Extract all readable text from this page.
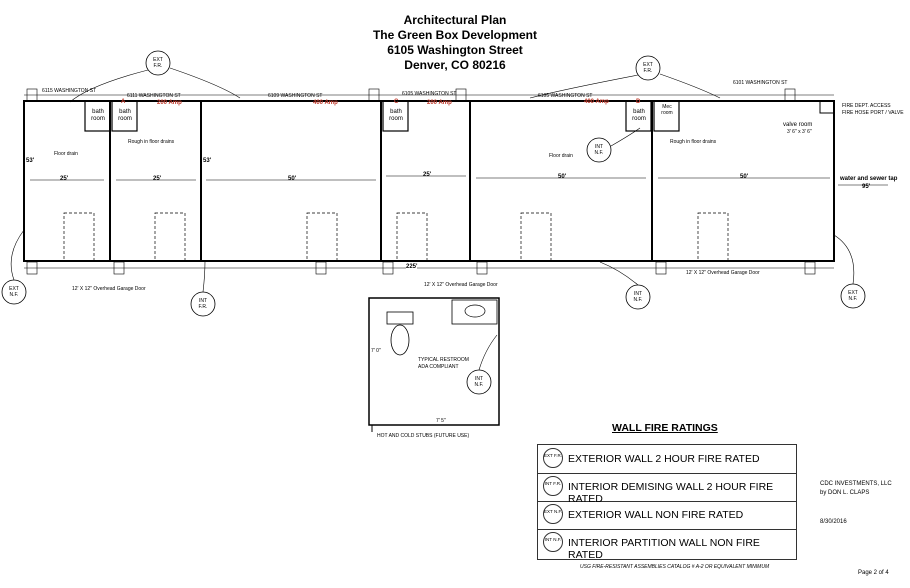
Architectural Plan
The Green Box Development
6105 Washington Street
Denver, CO 80216
6115 WASHINGTON ST
6111 WASHINGTON ST	6109 WASHINGTON ST	6105 WASHINGTON ST	6105 WASHINGTON ST
6101 WASHINGTON ST
A	200 Amp	400 Amp	C	200 Amp	400 Amp	D
bath room
bath room
bath room
bath room
Mec room
valve room
3' 6" x 3' 6"
Floor drain	Floor drain
Rough in floor drains	Rough in floor drains
FIRE DEPT. ACCESS
FIRE HOSE PORT / VALVE
water and sewer tap
95'
53'	53'
25'	25'	50'
25'	50'	50'
225'
12' X 12" Overhead Garage Door
12' X 12" Overhead Garage Door
12' X 12" Overhead Garage Door
EXT F.R.	EXT F.R.
INT N.F.
EXT N.F.
INT F.R.
INT N.F.
EXT N.F.
INT N.F.
TYPICAL RESTROOM
ADA COMPLIANT
7' 0"
7' 5"
HOT AND COLD STUBS (FUTURE USE)
WALL FIRE RATINGS
EXT F.R. EXTERIOR WALL 2 HOUR FIRE RATED
INT F.R. INTERIOR DEMISING WALL 2 HOUR FIRE RATED
EXT N.F. EXTERIOR WALL NON FIRE RATED
INT N.F. INTERIOR PARTITION WALL NON FIRE RATED
USG FIRE-RESISTANT ASSEMBLIES CATALOG # A-2 OR EQUIVALENT MINIMUM
CDC INVESTMENTS, LLC
by DON L. CLAPS
8/30/2016
Page 2 of 4
